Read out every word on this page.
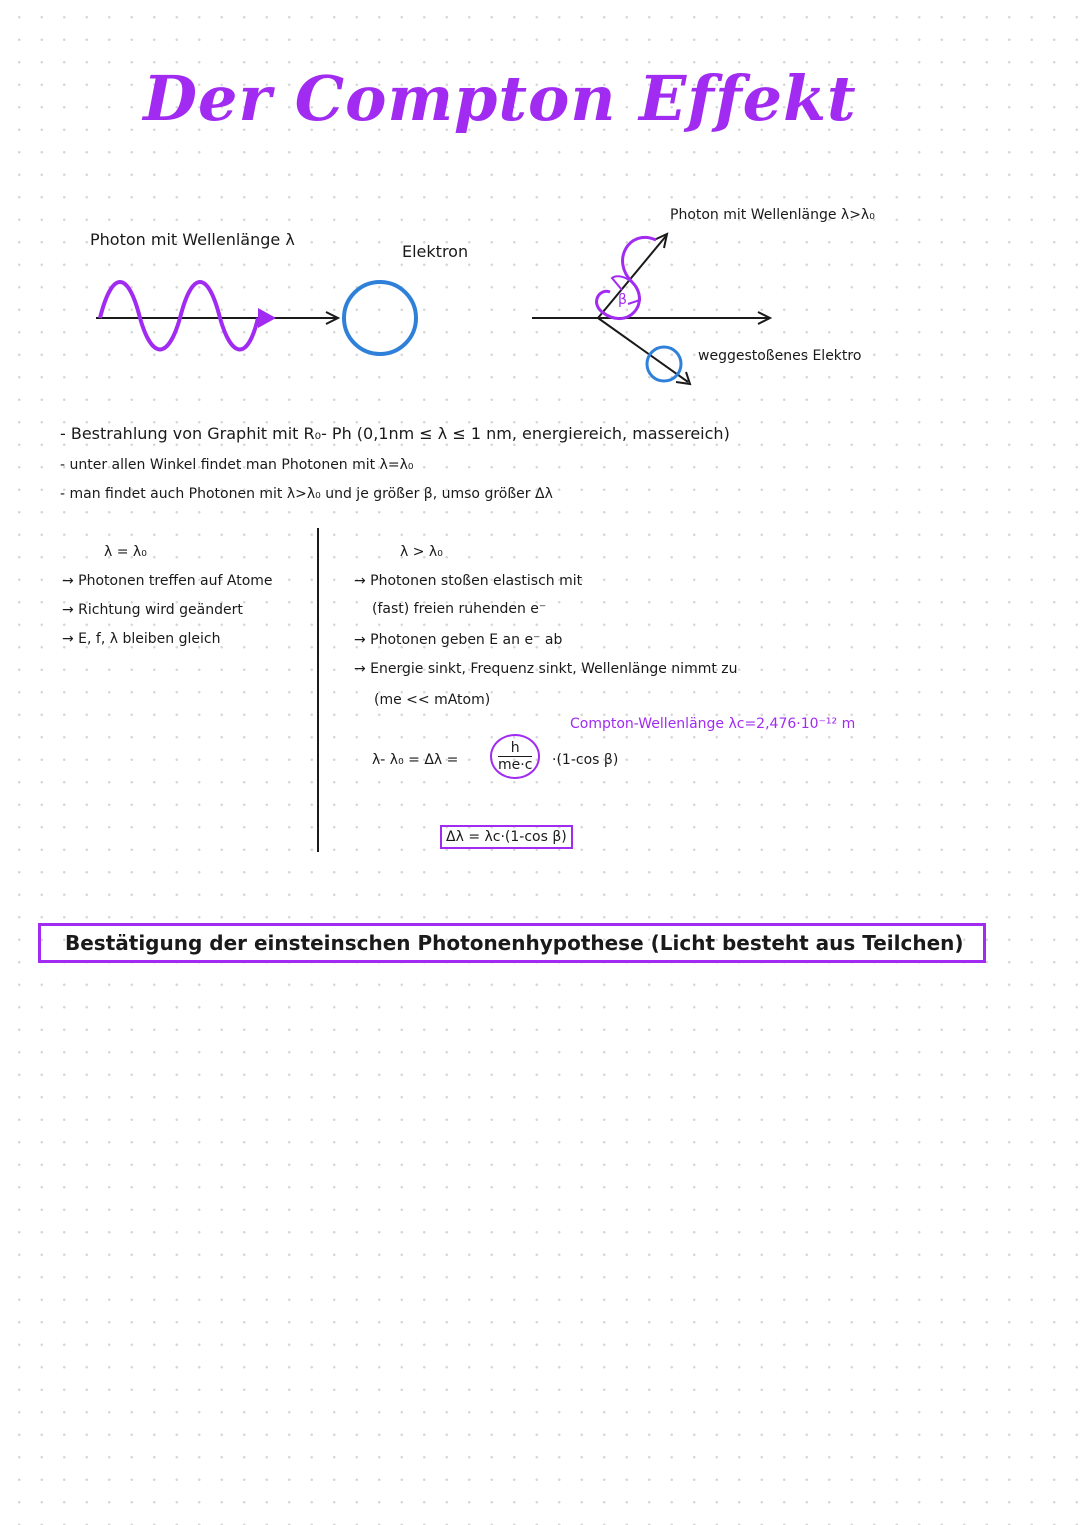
Der Compton Effekt
Photon mit Wellenlänge λ
Elektron
Photon mit Wellenlänge λ>λ₀
β
weggestoßenes Elektro
- Bestrahlung von Graphit mit R₀- Ph (0,1nm ≤ λ ≤ 1 nm, energiereich, massereich)
- unter allen Winkel findet man Photonen mit λ=λ₀
- man findet auch Photonen mit λ>λ₀ und je größer β, umso größer Δλ
λ = λ₀
→ Photonen treffen auf Atome
→ Richtung wird geändert
→ E, f, λ bleiben gleich
λ > λ₀
→ Photonen stoßen elastisch mit
(fast) freien ruhenden e⁻
→ Photonen geben E an e⁻ ab
→ Energie sinkt, Frequenz sinkt, Wellenlänge nimmt zu
(me << mAtom)
Compton-Wellenlänge λc=2,476·10⁻¹² m
λ- $\lambda_0 = \Delta\lambda = \frac{h}{me\cdot c} \cdot(1-\cos$ β)
Δλ = λc·(1-cos β)
Bestätigung der einsteinschen Photonenhypothese (Licht besteht aus Teilchen)
